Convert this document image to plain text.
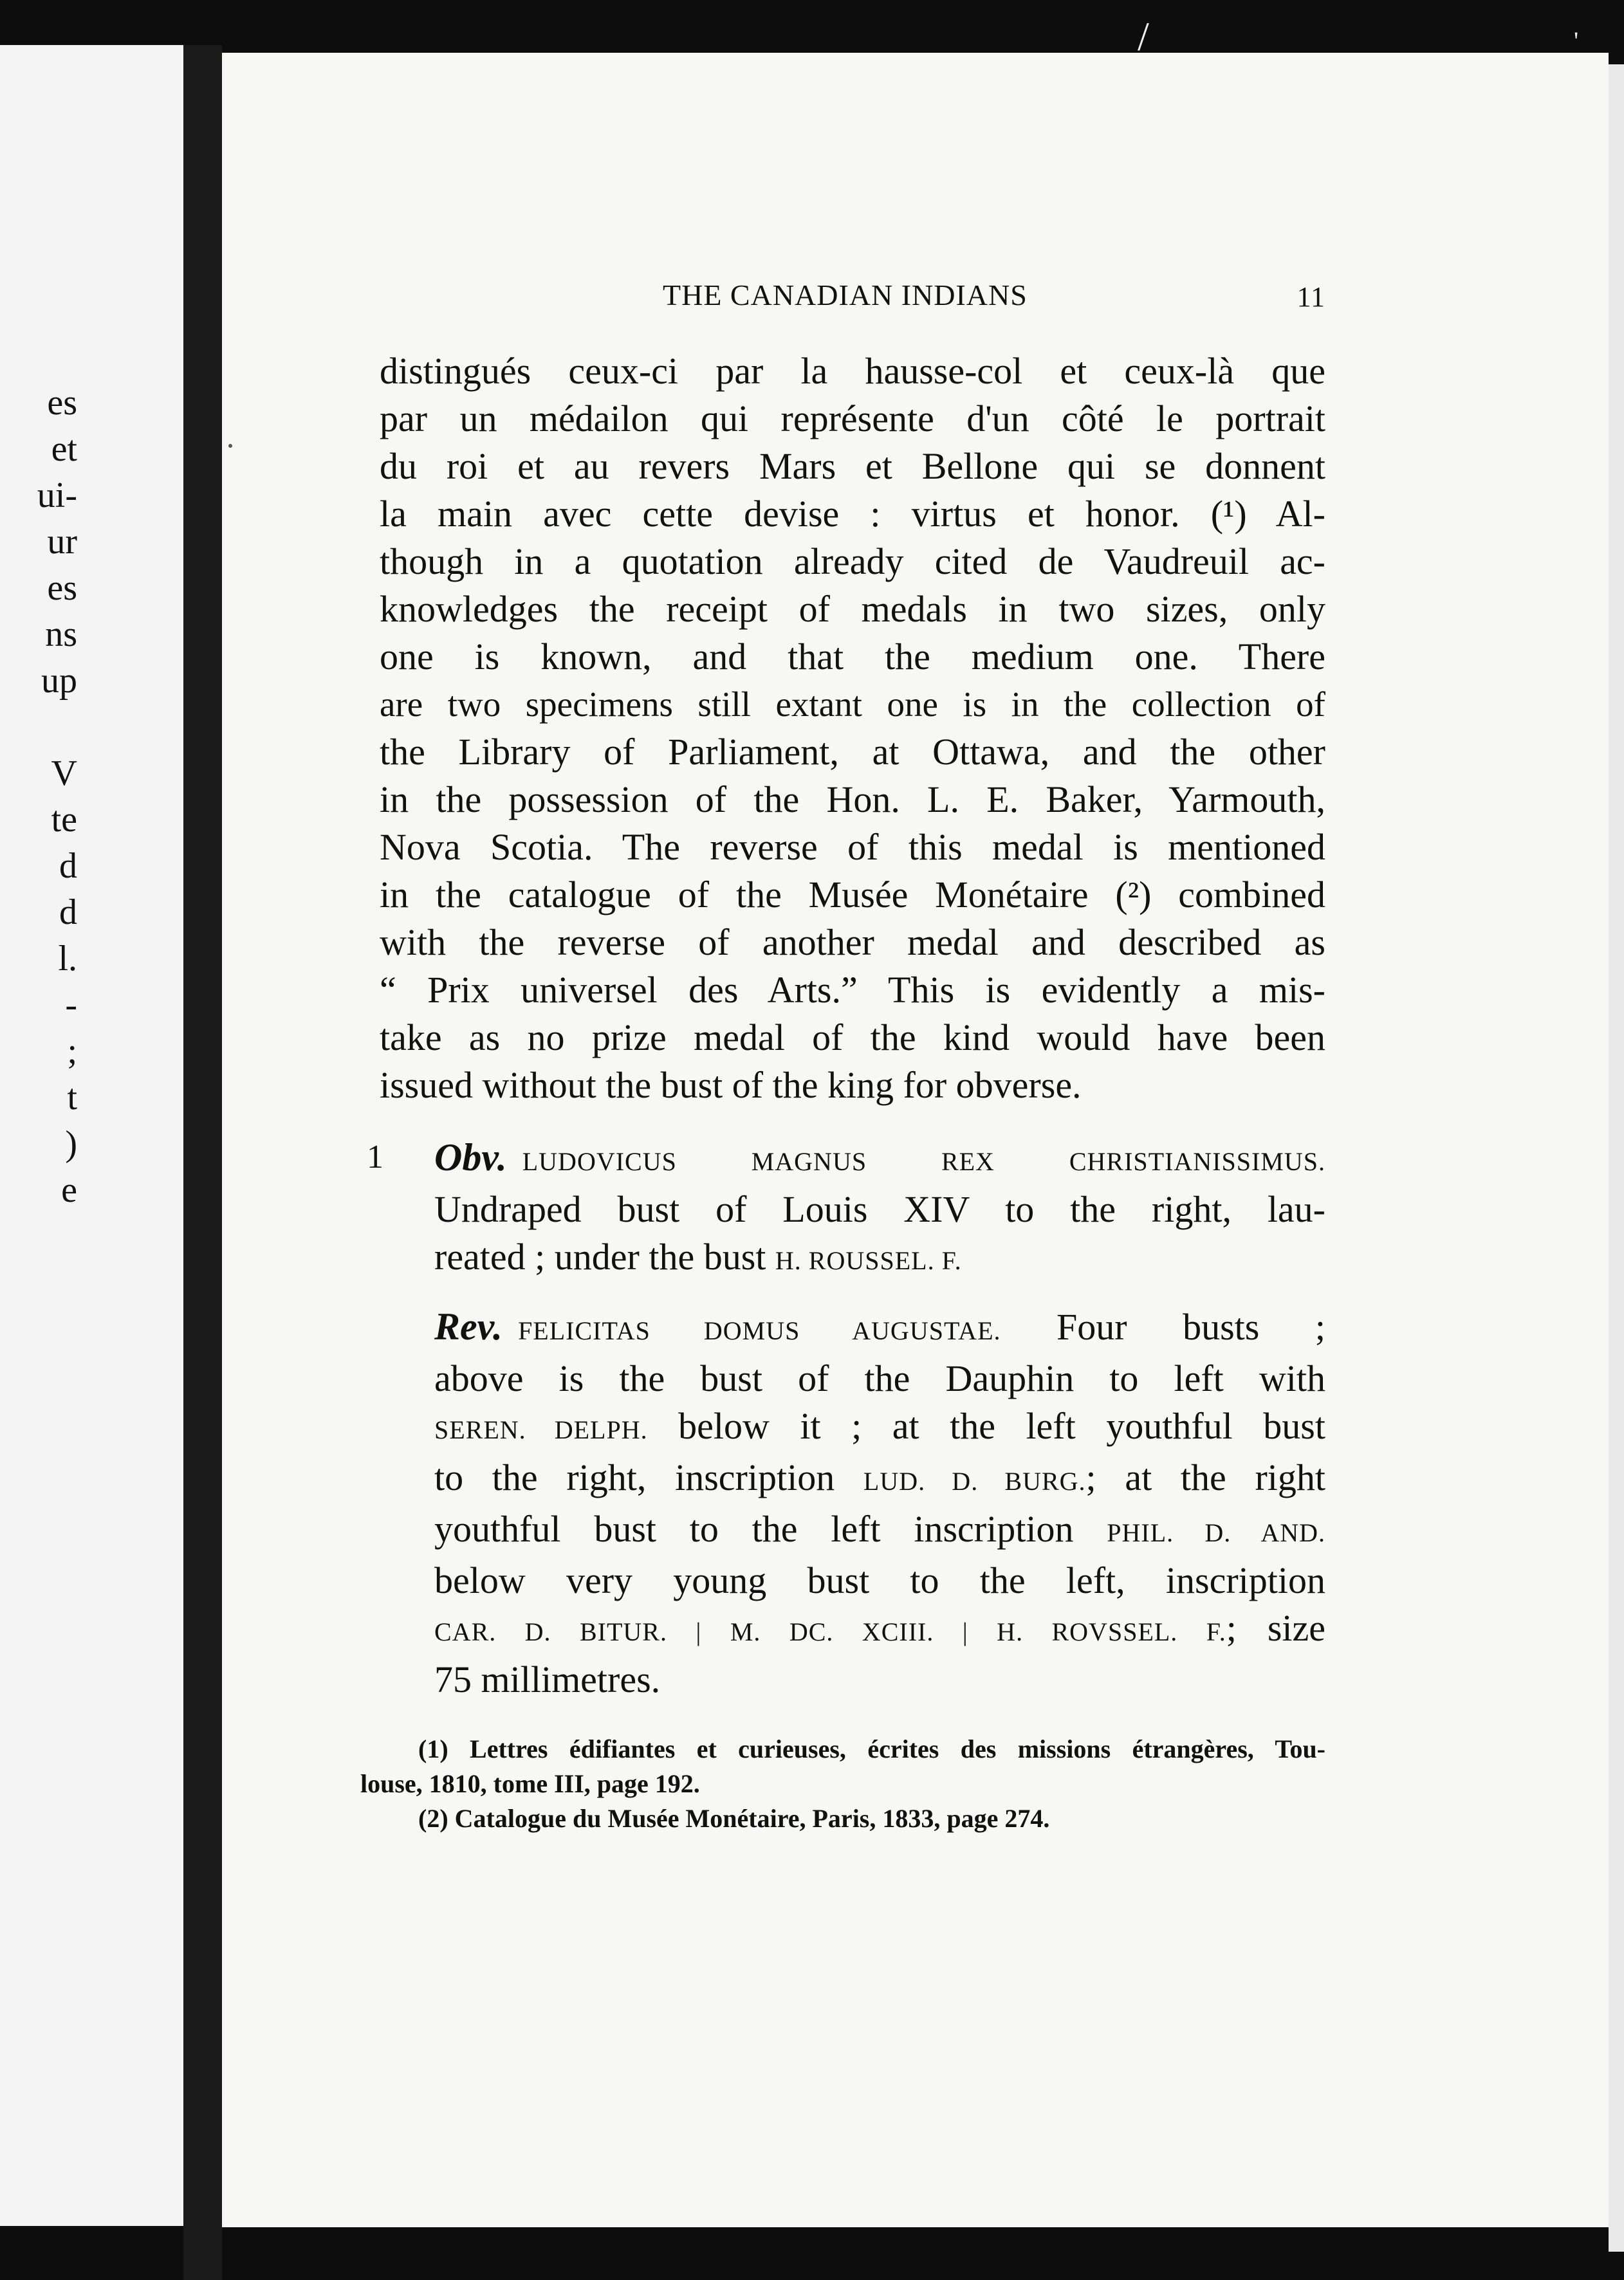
es
et
ui-
ur
es
ns
up
V
te
d
d
l.
-
;
t
)
e
/	'
THE CANADIAN INDIANS	11
distingués ceux-ci par la hausse-col et ceux-là que
par un médailon qui représente d'un côté le portrait
du roi et au revers Mars et Bellone qui se donnent
la main avec cette devise : virtus et honor. (¹) Al-
though in a quotation already cited de Vaudreuil ac-
knowledges the receipt of medals in two sizes, only
one is known, and that the medium one. There
are two specimens still extant one is in the collection of
the Library of Parliament, at Ottawa, and the other
in the possession of the Hon. L. E. Baker, Yarmouth,
Nova Scotia. The reverse of this medal is mentioned
in the catalogue of the Musée Monétaire (²) combined
with the reverse of another medal and described as
“ Prix universel des Arts.” This is evidently a mis-
take as no prize medal of the kind would have been
issued without the bust of the king for obverse.
1	Obv. LUDOVICUS MAGNUS REX CHRISTIANISSIMUS.
Undraped bust of Louis XIV to the right, lau-
reated ; under the bust H. ROUSSEL. F.
Rev. FELICITAS DOMUS AUGUSTAE. Four busts ;
above is the bust of the Dauphin to left with
SEREN. DELPH. below it ; at the left youthful bust
to the right, inscription LUD. D. BURG.; at the right
youthful bust to the left inscription PHIL. D. AND.
below very young bust to the left, inscription
CAR. D. BITUR. | M. DC. XCIII. | H. ROVSSEL. F.; size
75 millimetres.
(1) Lettres édifiantes et curieuses, écrites des missions étrangères, Tou-
louse, 1810, tome III, page 192.
(2) Catalogue du Musée Monétaire, Paris, 1833, page 274.
